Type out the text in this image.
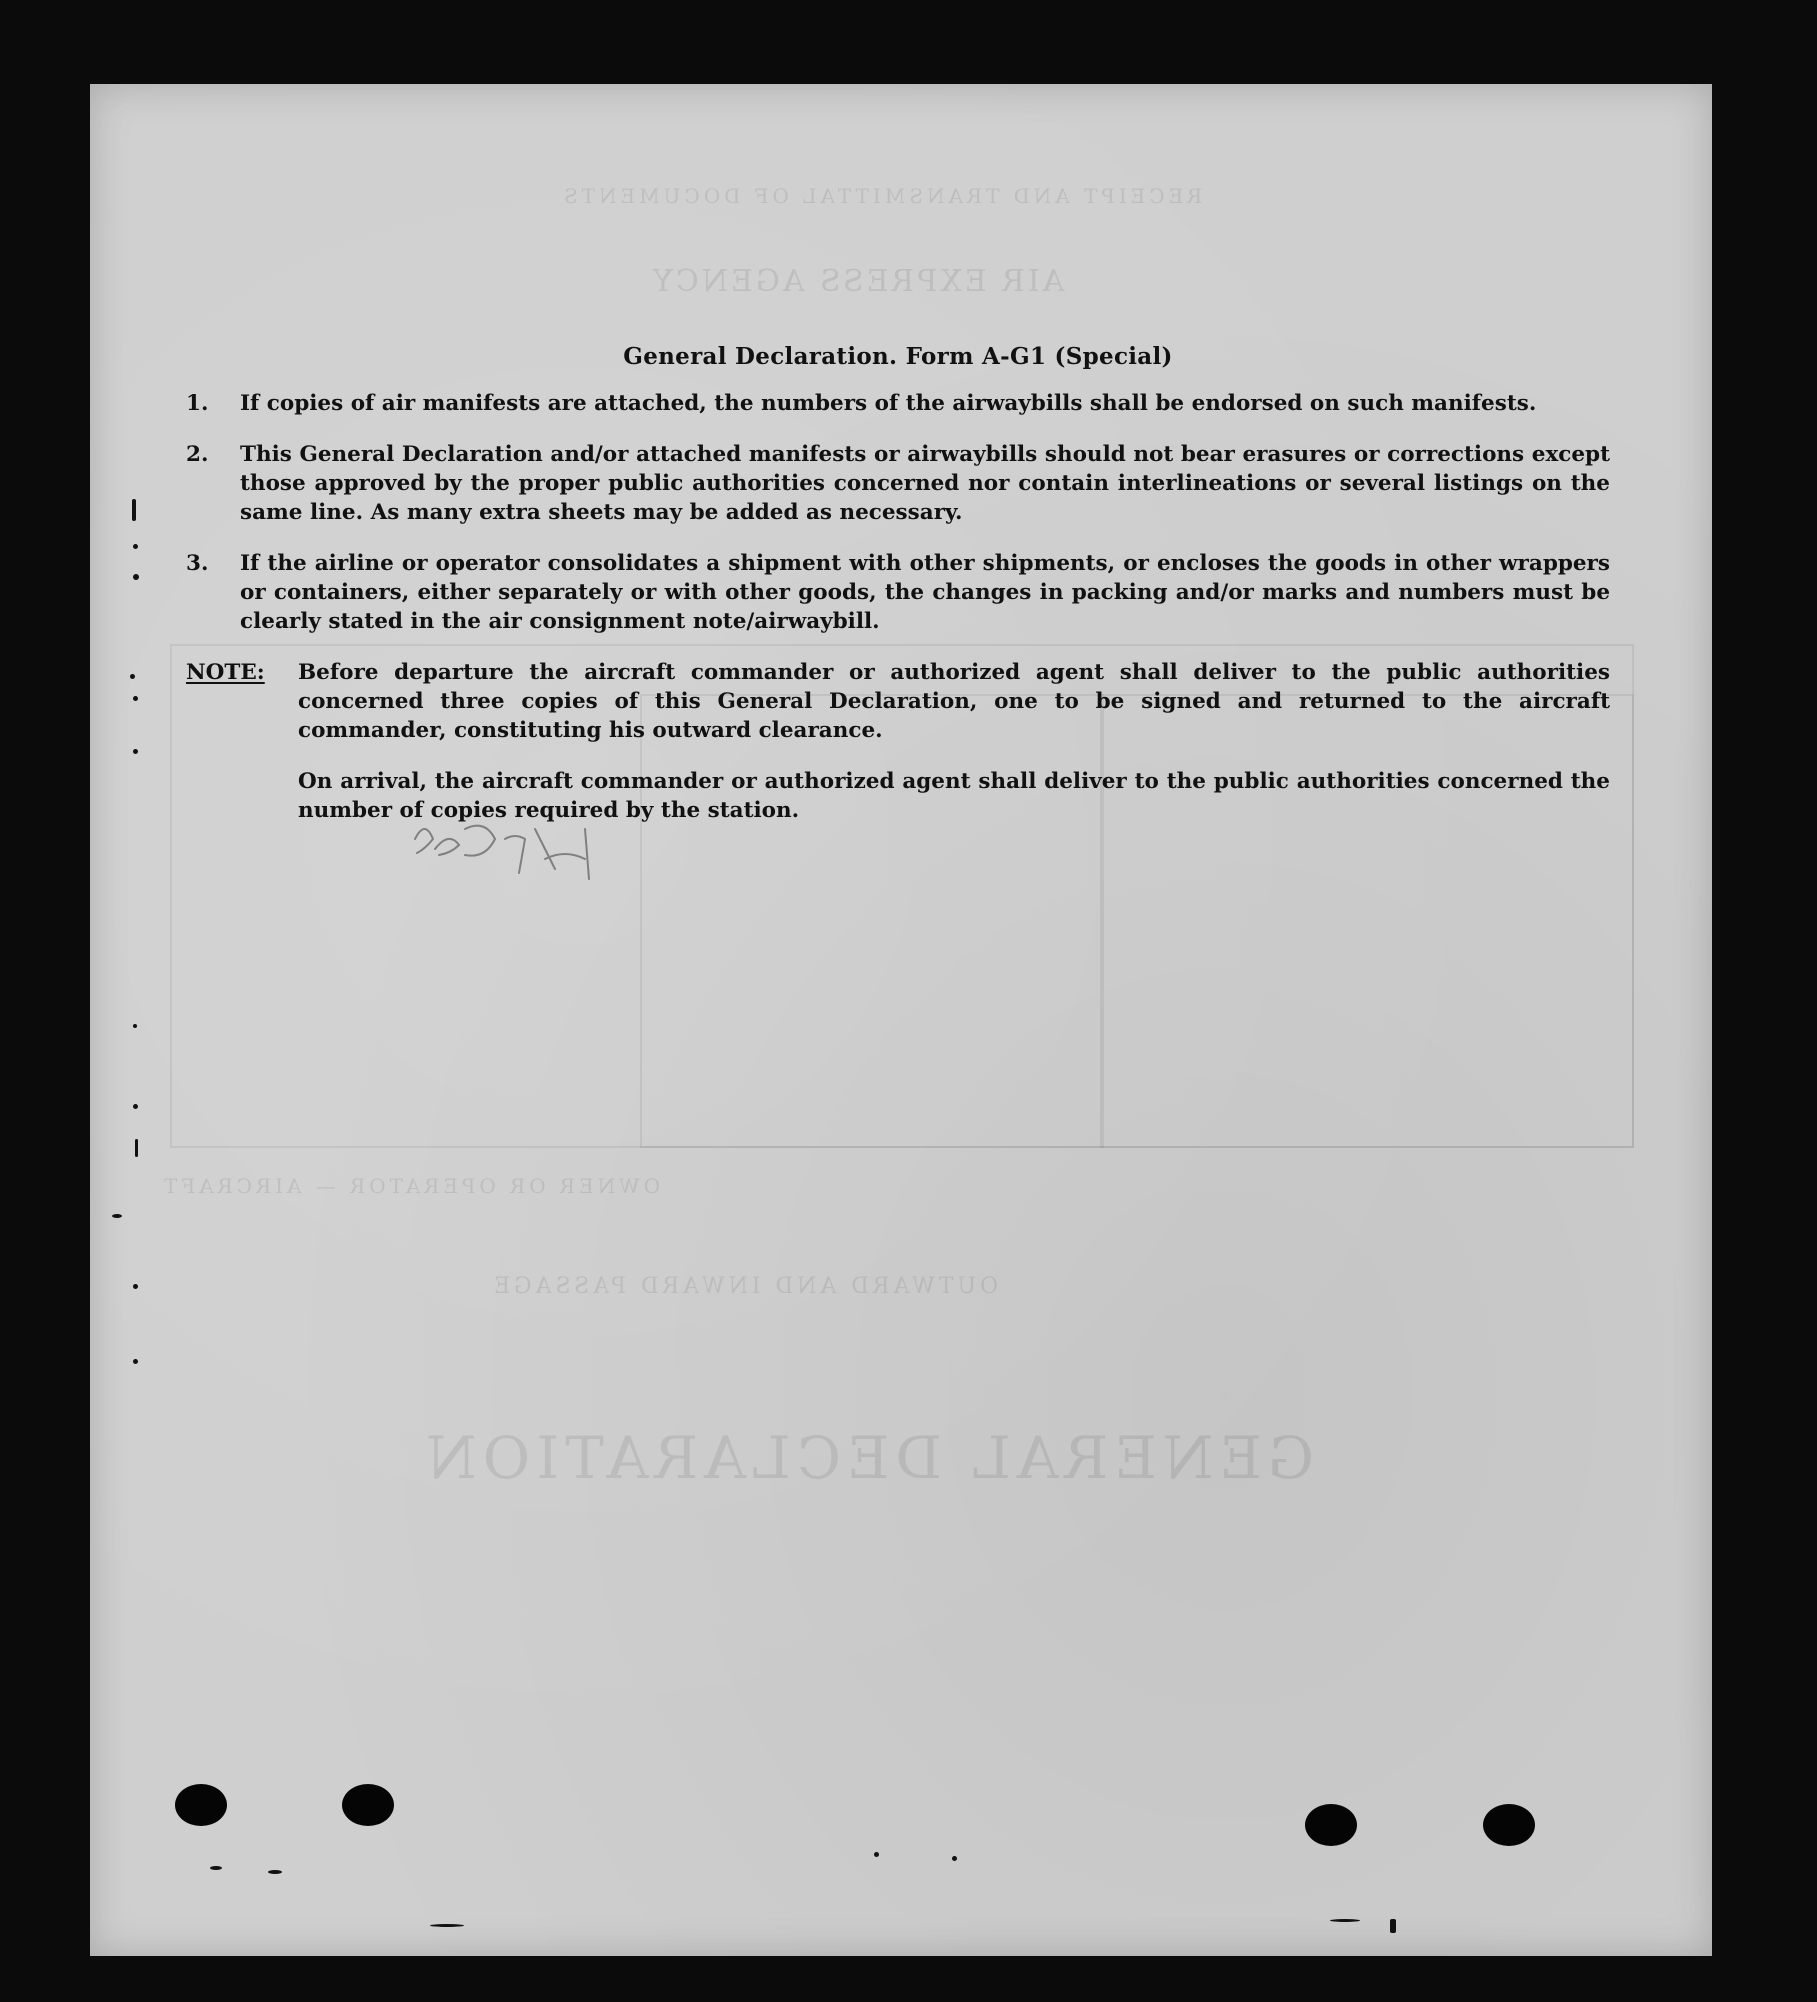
GENERAL DECLARATION
OUTWARD AND INWARD PASSAGE
OWNER OR OPERATOR — AIRCRAFT
RECEIPT AND TRANSMITTAL OF DOCUMENTS
AIR EXPRESS AGENCY
General Declaration. Form A-G1 (Special)
1.	If copies of air manifests are attached, the numbers of the airwaybills shall be endorsed on such manifests.
2.	This General Declaration and/or attached manifests or airwaybills should not bear erasures or corrections except those approved by the proper public authorities concerned nor contain interlineations or several listings on the same line. As many extra sheets may be added as necessary.
3.	If the airline or operator consolidates a shipment with other shipments, or encloses the goods in other wrappers or containers, either separately or with other goods, the changes in packing and/or marks and numbers must be clearly stated in the air consignment note/airwaybill.
NOTE:	Before departure the aircraft commander or authorized agent shall deliver to the public authorities concerned three copies of this General Declaration, one to be signed and returned to the aircraft commander, constituting his outward clearance.
On arrival, the aircraft commander or authorized agent shall deliver to the public authorities concerned the number of copies required by the station.
